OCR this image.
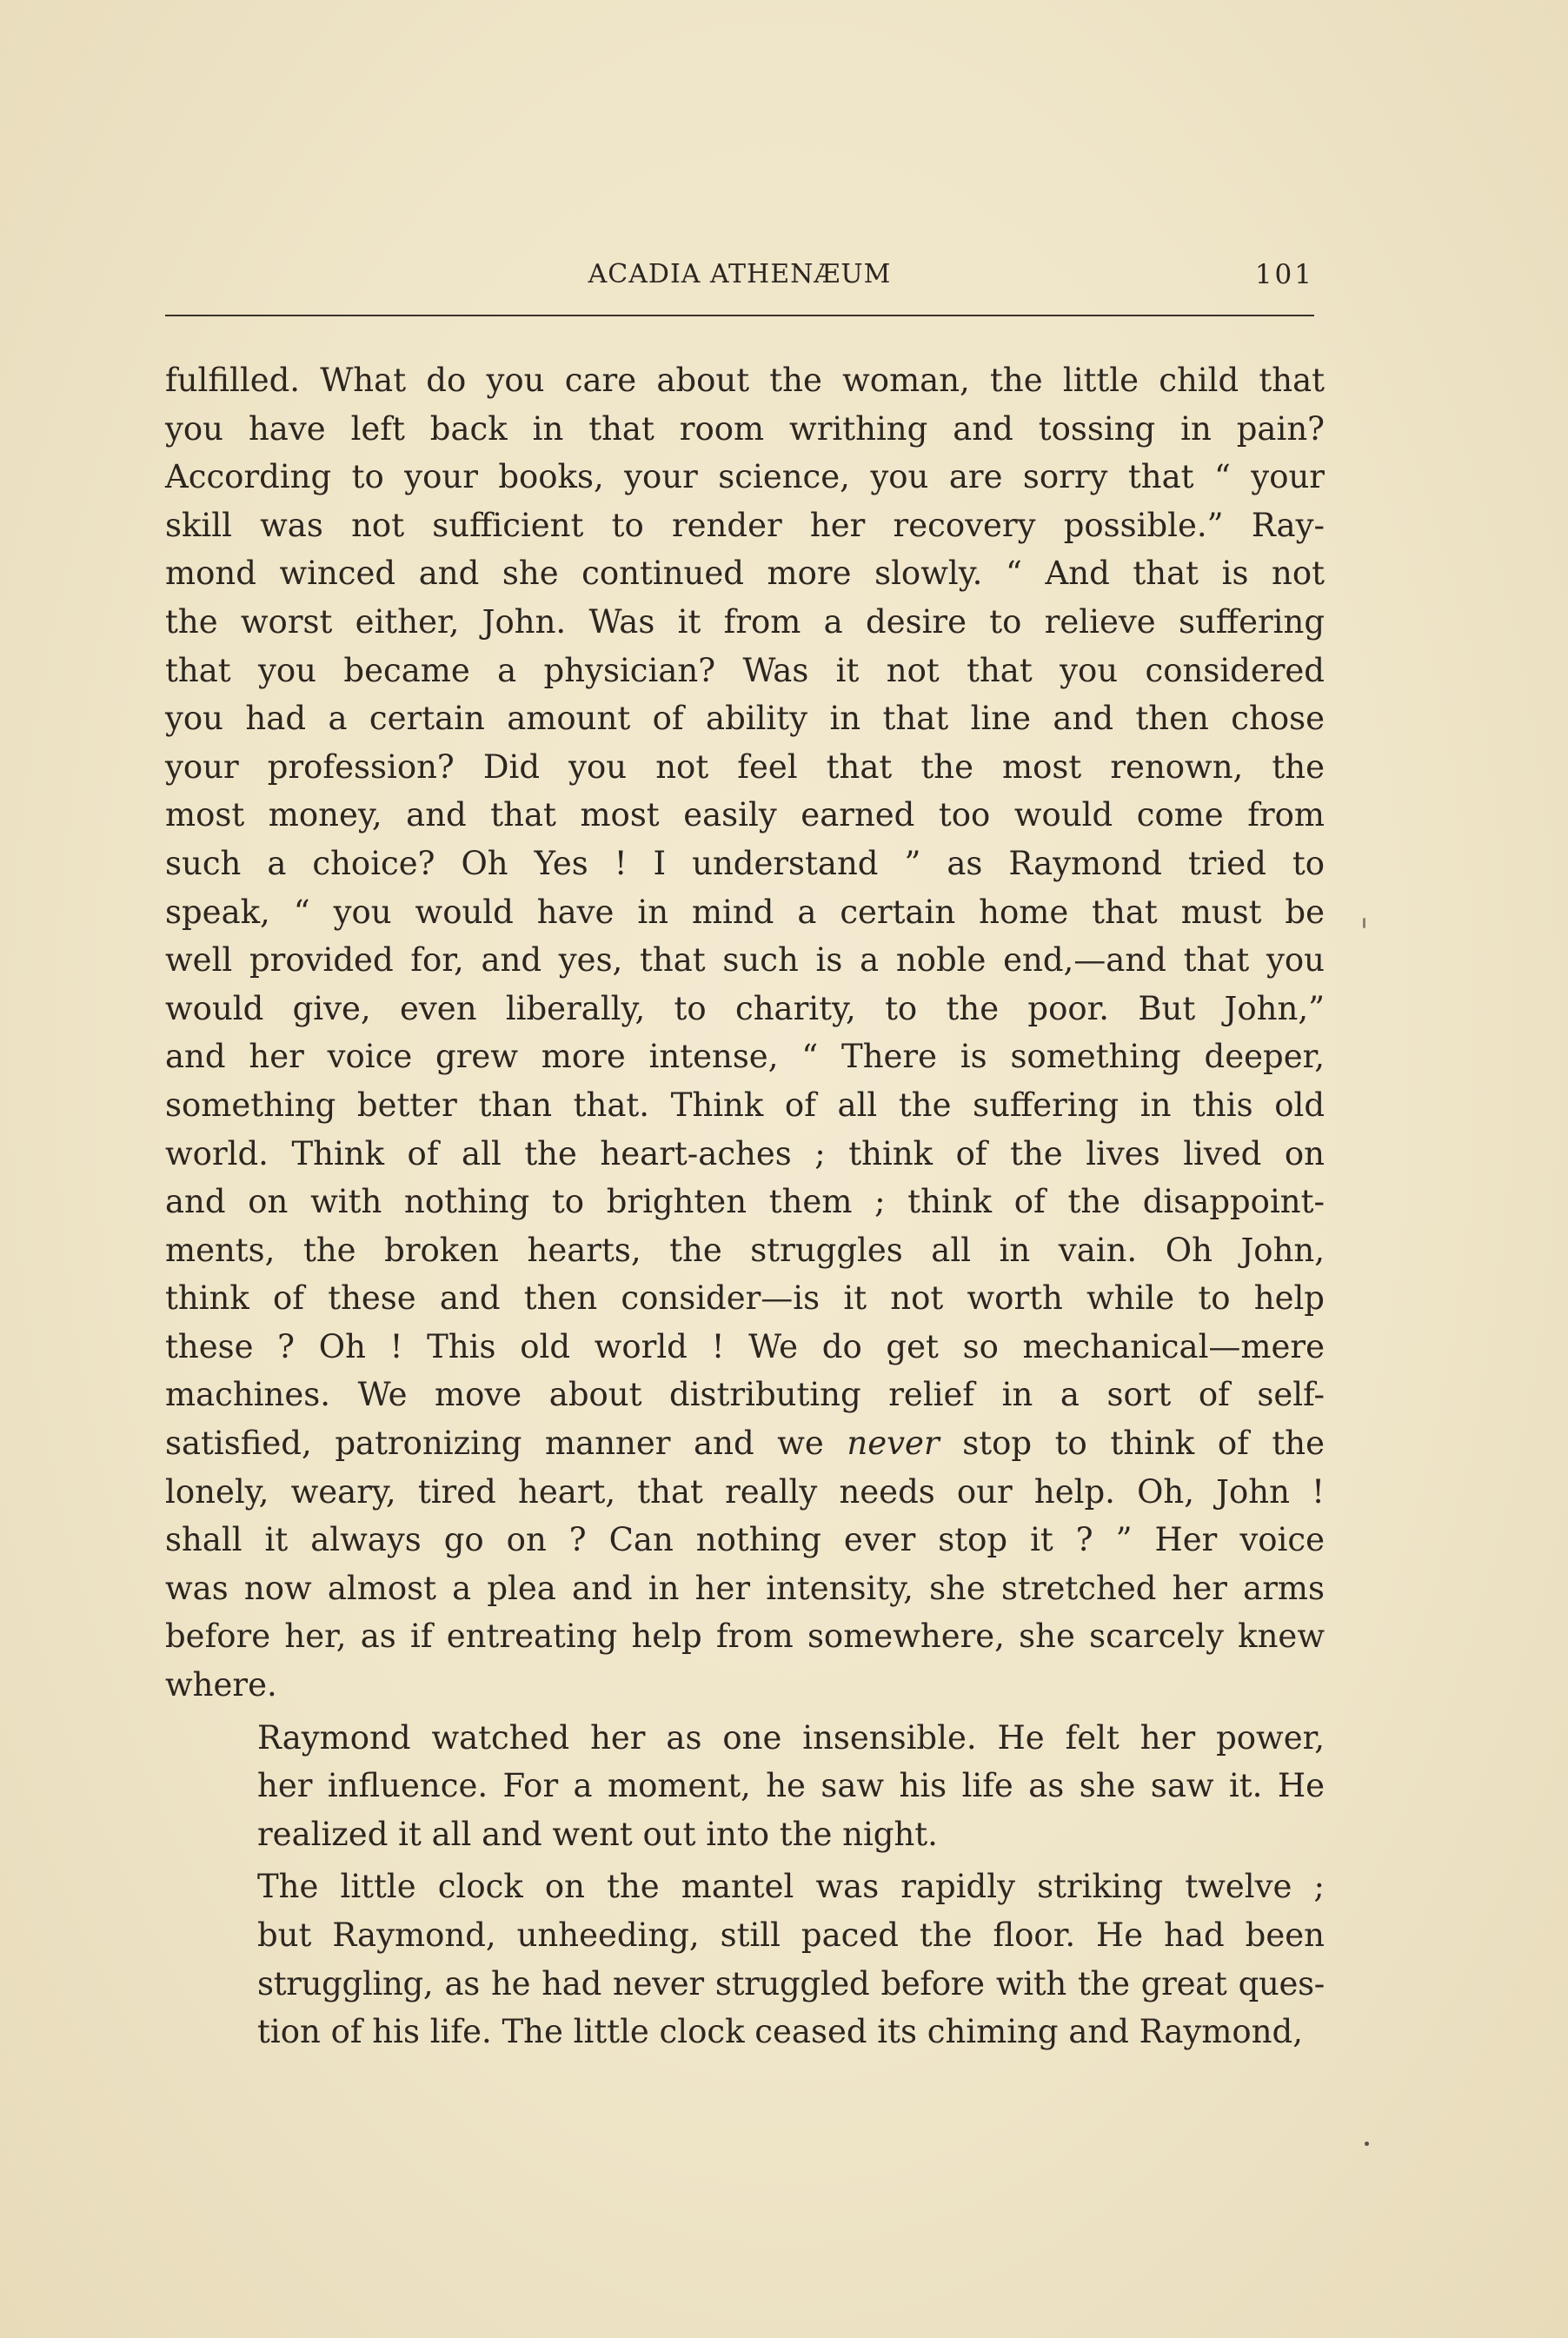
ACADIA ATHENÆUM	101

fulfilled. What do you care about the woman, the little child that
you have left back in that room writhing and tossing in pain?
According to your books, your science, you are sorry that “ your
skill was not sufficient to render her recovery possible.” Ray-
mond winced and she continued more slowly. “ And that is not
the worst either, John. Was it from a desire to relieve suffering
that you became a physician? Was it not that you considered
you had a certain amount of ability in that line and then chose
your profession? Did you not feel that the most renown, the
most money, and that most easily earned too would come from
such a choice? Oh Yes ! I understand ” as Raymond tried to
speak, “ you would have in mind a certain home that must be
well provided for, and yes, that such is a noble end,—and that you
would give, even liberally, to charity, to the poor. But John,”
and her voice grew more intense, “ There is something deeper,
something better than that. Think of all the suffering in this old
world. Think of all the heart-aches ; think of the lives lived on
and on with nothing to brighten them ; think of the disappoint-
ments, the broken hearts, the struggles all in vain. Oh John,
think of these and then consider—is it not worth while to help
these ? Oh ! This old world ! We do get so mechanical—mere
machines. We move about distributing relief in a sort of self-
satisfied, patronizing manner and we never stop to think of the
lonely, weary, tired heart, that really needs our help. Oh, John !
shall it always go on ? Can nothing ever stop it ? ” Her voice
was now almost a plea and in her intensity, she stretched her arms
before her, as if entreating help from somewhere, she scarcely knew
where.

Raymond watched her as one insensible. He felt her power,
her influence. For a moment, he saw his life as she saw it. He
realized it all and went out into the night.

The little clock on the mantel was rapidly striking twelve ;
but Raymond, unheeding, still paced the floor. He had been
struggling, as he had never struggled before with the great ques-
tion of his life. The little clock ceased its chiming and Raymond,
